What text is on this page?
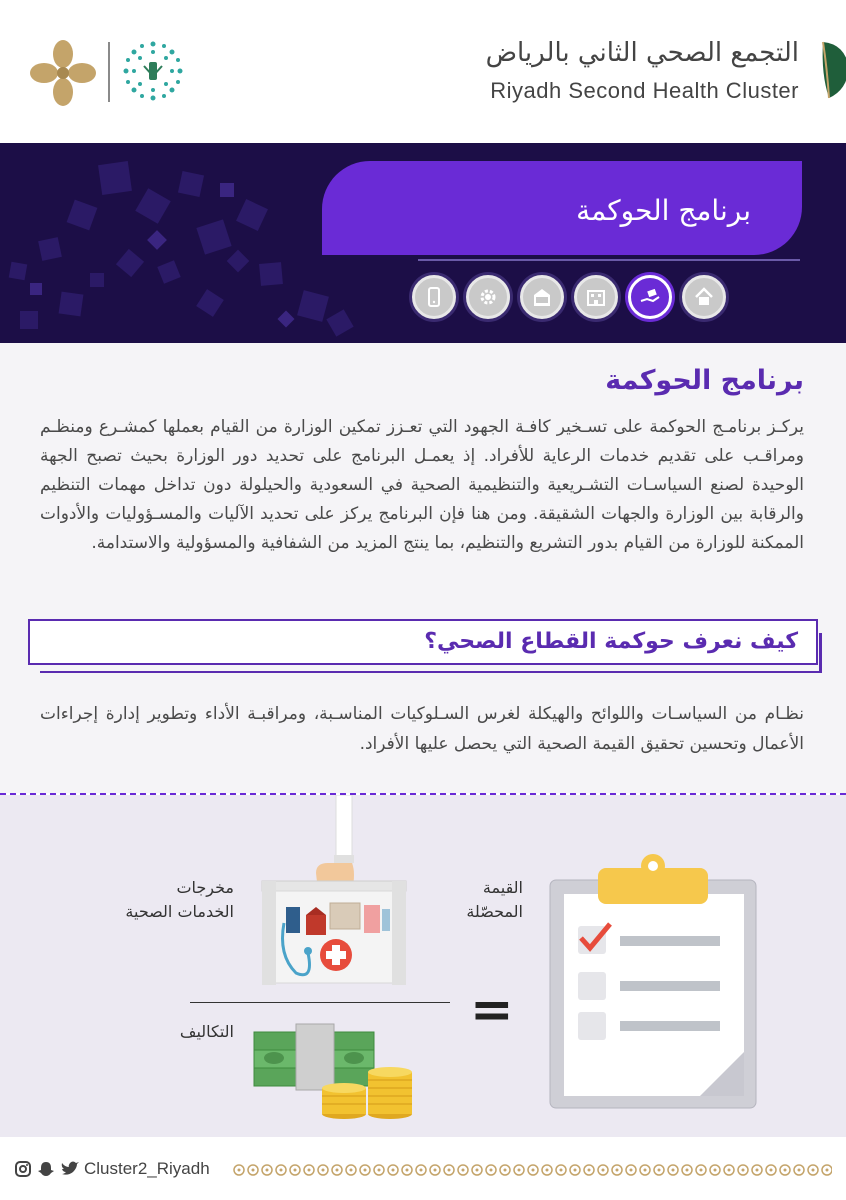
التجمع الصحي الثاني بالرياض
Riyadh Second Health Cluster
برنامج الحوكمة
برنامج الحوكمة
يركـز برنامـج الحوكمة على تسـخير كافـة الجهود التي تعـزز تمكين الوزارة من القيام بعملها كمشـرع ومنظـم ومراقـب على تقديم خدمات الرعاية للأفراد. إذ يعمـل البرنامج على تحديد دور الوزارة بحيث تصبح الجهة الوحيدة لصنع السياسـات التشـريعية والتنظيمية الصحية في السعودية والحيلولة دون تداخل مهمات التنظيم والرقابة بين الوزارة والجهات الشقيقة. ومن هنا فإن البرنامج يركز على تحديد الآليات والمسـؤوليات والأدوات الممكنة للوزارة من القيام بدور التشريع والتنظيم، بما ينتج المزيد من الشفافية والمسؤولية والاستدامة.
كيف نعرف حوكمة القطاع الصحي؟
نظـام من السياسـات واللوائح والهيكلة لغرس السـلوكيات المناسـبة، ومراقبـة الأداء وتطوير إدارة إجراءات الأعمال وتحسين تحقيق القيمة الصحية التي يحصل عليها الأفراد.
مخرجات
الخدمات الصحية
التكاليف	=
القيمة
المحصّلة
Cluster2_Riyadh
